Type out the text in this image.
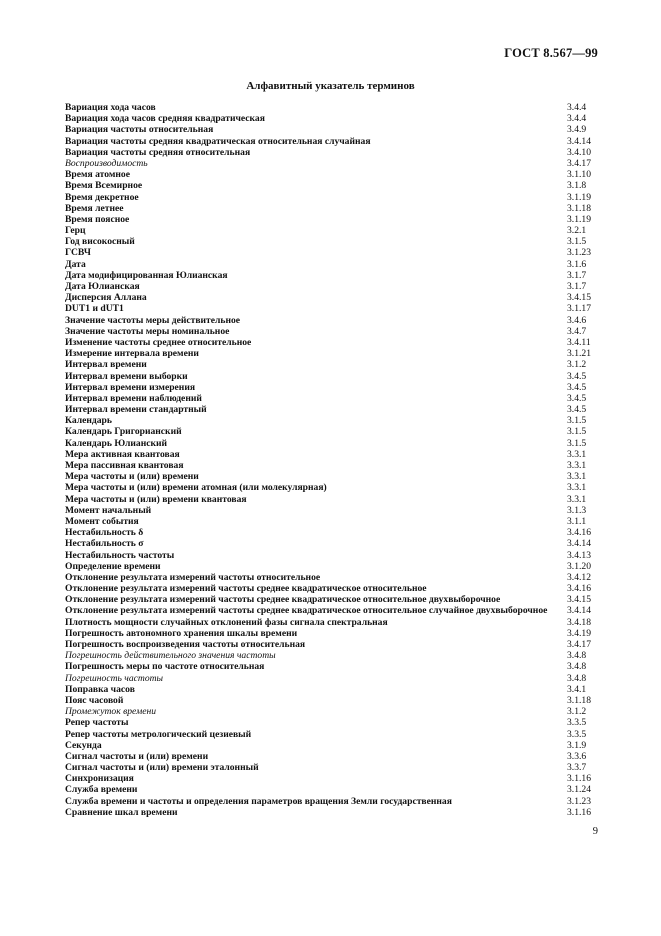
ГОСТ 8.567—99
Алфавитный указатель терминов
Вариация хода часов	3.4.4
Вариация хода часов средняя квадратическая	3.4.4
Вариация частоты относительная	3.4.9
Вариация частоты средняя квадратическая относительная случайная	3.4.14
Вариация частоты средняя относительная	3.4.10
Воспроизводимость	3.4.17
Время атомное	3.1.10
Время Всемирное	3.1.8
Время декретное	3.1.19
Время летнее	3.1.18
Время поясное	3.1.19
Герц	3.2.1
Год високосный	3.1.5
ГСВЧ	3.1.23
Дата	3.1.6
Дата модифицированная Юлианская	3.1.7
Дата Юлианская	3.1.7
Дисперсия Аллана	3.4.15
DUT1 и dUT1	3.1.17
Значение частоты меры действительное	3.4.6
Значение частоты меры номинальное	3.4.7
Изменение частоты среднее относительное	3.4.11
Измерение интервала времени	3.1.21
Интервал времени	3.1.2
Интервал времени выборки	3.4.5
Интервал времени измерения	3.4.5
Интервал времени наблюдений	3.4.5
Интервал времени стандартный	3.4.5
Календарь	3.1.5
Календарь Григорианский	3.1.5
Календарь Юлианский	3.1.5
Мера активная квантовая	3.3.1
Мера пассивная квантовая	3.3.1
Мера частоты и (или) времени	3.3.1
Мера частоты и (или) времени атомная (или молекулярная)	3.3.1
Мера частоты и (или) времени квантовая	3.3.1
Момент начальный	3.1.3
Момент события	3.1.1
Нестабильность δ	3.4.16
Нестабильность σ	3.4.14
Нестабильность частоты	3.4.13
Определение времени	3.1.20
Отклонение результата измерений частоты относительное	3.4.12
Отклонение результата измерений частоты среднее квадратическое относительное	3.4.16
Отклонение результата измерений частоты среднее квадратическое относительное двухвыборочное	3.4.15
Отклонение результата измерений частоты среднее квадратическое относительное случайное двухвыборочное 3.4.14
Плотность мощности случайных отклонений фазы сигнала спектральная	3.4.18
Погрешность автономного хранения шкалы времени	3.4.19
Погрешность воспроизведения частоты относительная	3.4.17
Погрешность действительного значения частоты	3.4.8
Погрешность меры по частоте относительная	3.4.8
Погрешность частоты	3.4.8
Поправка часов	3.4.1
Пояс часовой	3.1.18
Промежуток времени	3.1.2
Репер частоты	3.3.5
Репер частоты метрологический цезиевый	3.3.5
Секунда	3.1.9
Сигнал частоты и (или) времени	3.3.6
Сигнал частоты и (или) времени эталонный	3.3.7
Синхронизация	3.1.16
Служба времени	3.1.24
Служба времени и частоты и определения параметров вращения Земли государственная	3.1.23
Сравнение шкал времени	3.1.16
9
